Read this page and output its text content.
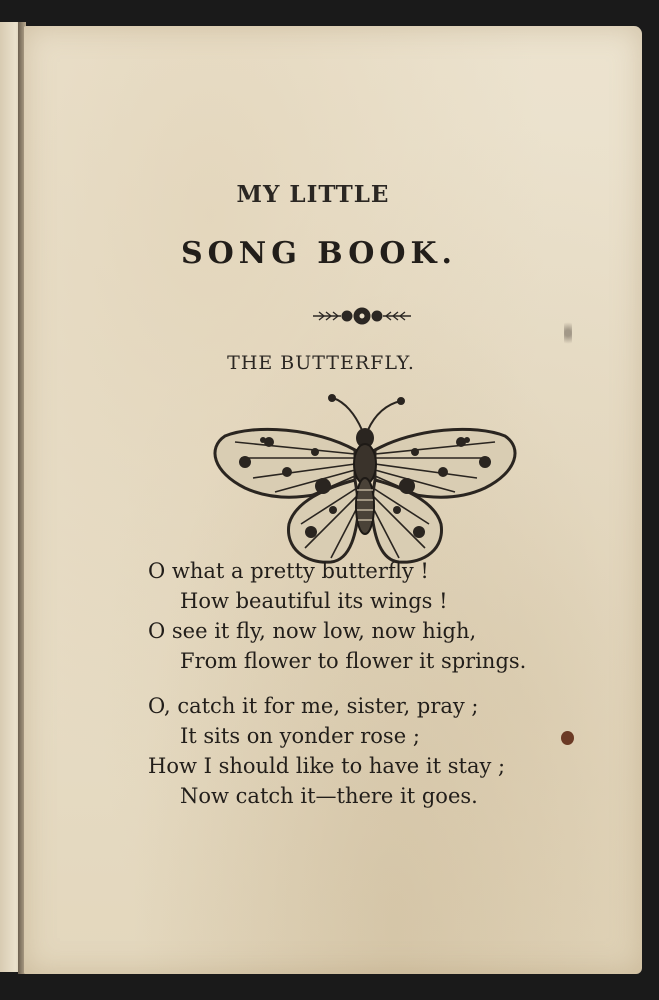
MY LITTLE
SONG BOOK.
THE BUTTERFLY.
O what a pretty butterfly !
How beautiful its wings !
O see it fly, now low, now high,
From flower to flower it springs.
O, catch it for me, sister, pray ;
It sits on yonder rose ;
How I should like to have it stay ;
Now catch it—there it goes.
